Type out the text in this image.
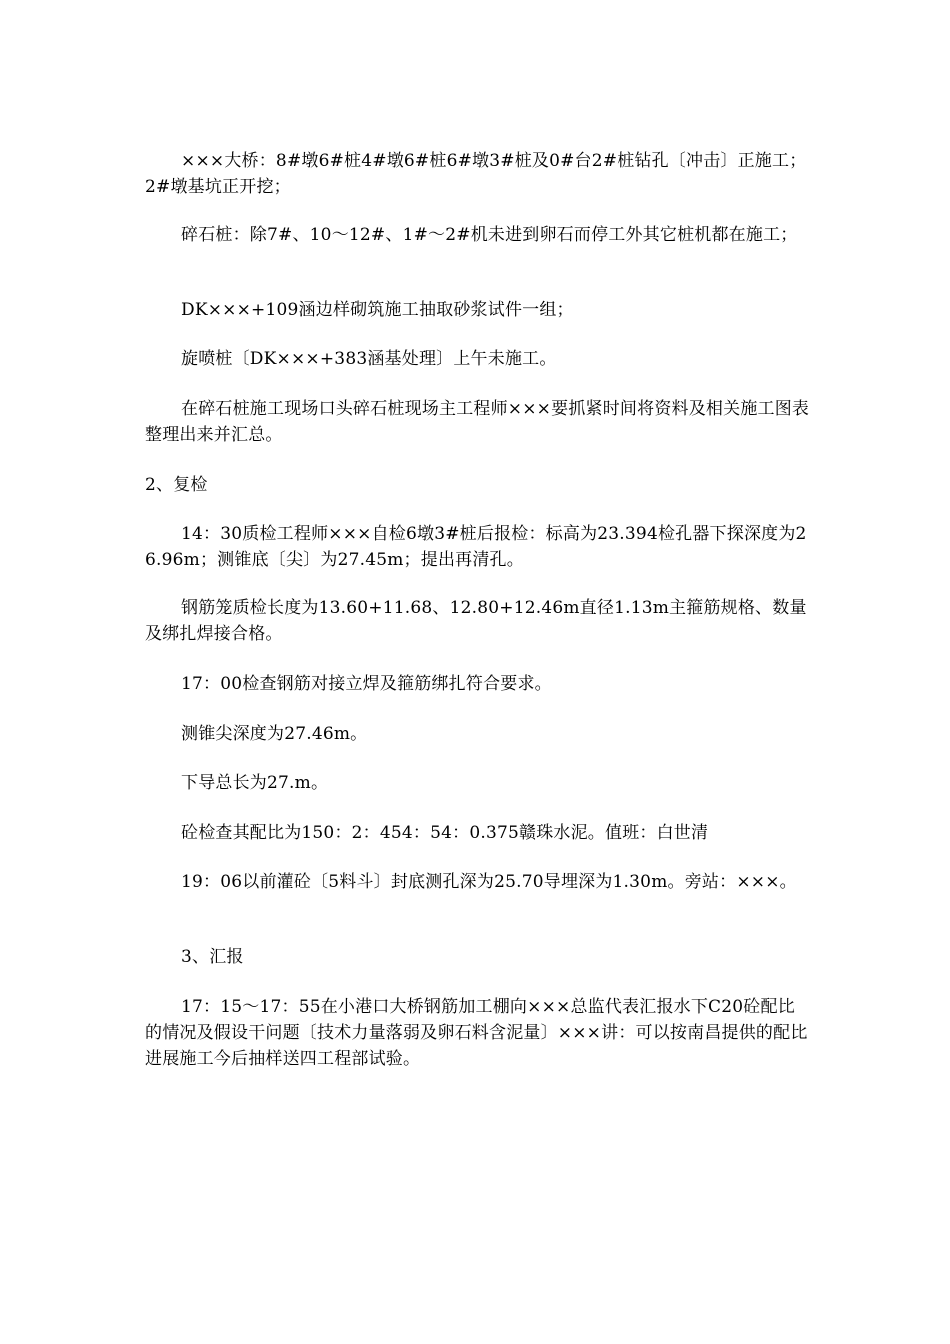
×××大桥：8#墩6#桩4#墩6#桩6#墩3#桩及0#台2#桩钻孔〔冲击〕正施工；2#墩基坑正开挖；

碎石桩：除7#、10～12#、1#～2#机未进到卵石而停工外其它桩机都在施工；

DK×××+109涵边样砌筑施工抽取砂浆试件一组；

旋喷桩〔DK×××+383涵基处理〕上午未施工。

在碎石桩施工现场口头碎石桩现场主工程师×××要抓紧时间将资料及相关施工图表整理出来并汇总。

2、复检

14：30质检工程师×××自检6墩3#桩后报检：标高为23.394检孔器下探深度为26.96m；测锥底〔尖〕为27.45m；提出再清孔。

钢筋笼质检长度为13.60+11.68、12.80+12.46m直径1.13m主箍筋规格、数量及绑扎焊接合格。

17：00检查钢筋对接立焊及箍筋绑扎符合要求。

测锥尖深度为27.46m。

下导总长为27.m。

砼检查其配比为150：2：454：54：0.375赣珠水泥。值班：白世清

19：06以前灌砼〔5料斗〕封底测孔深为25.70导埋深为1.30m。旁站：×××。

3、汇报

17：15～17：55在小港口大桥钢筋加工棚向×××总监代表汇报水下C20砼配比的情况及假设干问题〔技术力量落弱及卵石料含泥量〕×××讲：可以按南昌提供的配比进展施工今后抽样送四工程部试验。
